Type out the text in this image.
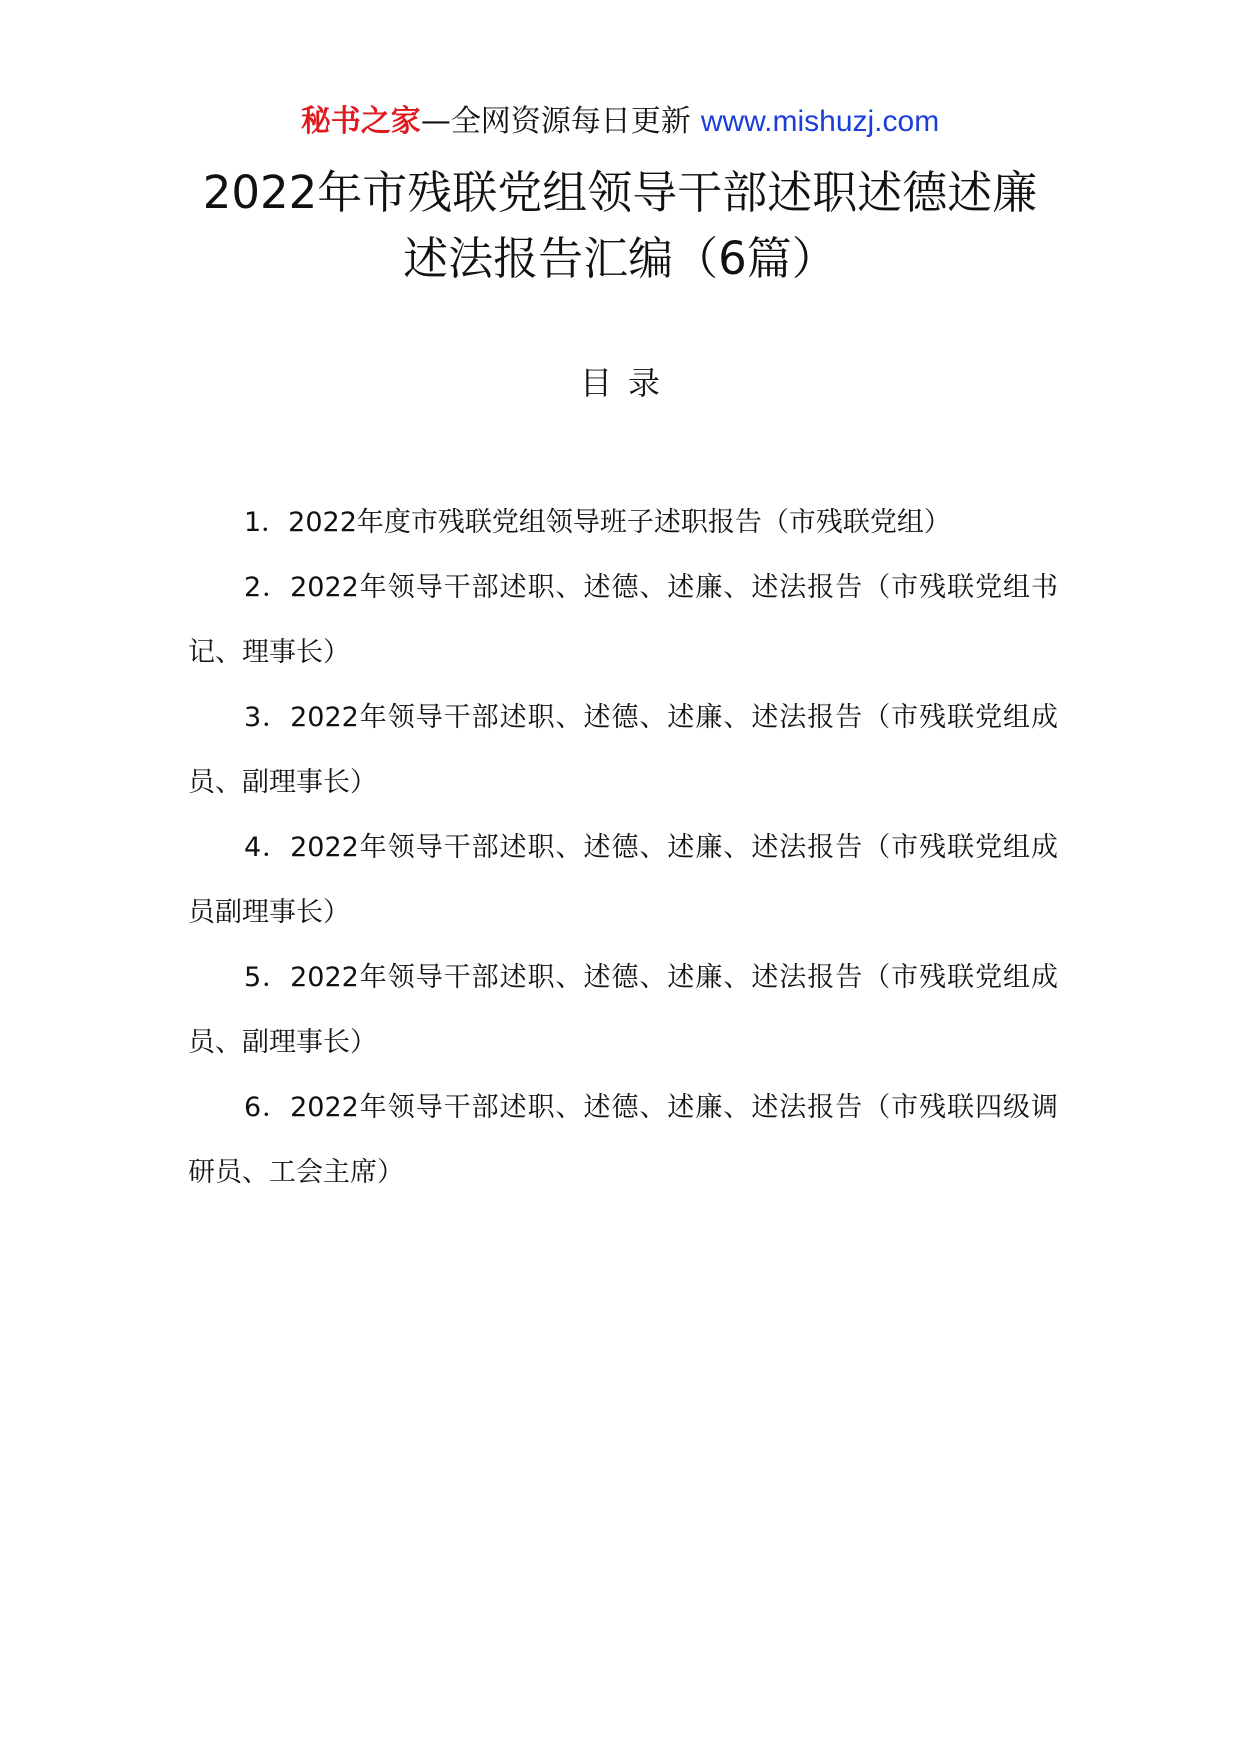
秘书之家—全网资源每日更新 www.mishuzj.com
2022年市残联党组领导干部述职述德述廉
述法报告汇编（6篇）
目录
1．2022年度市残联党组领导班子述职报告（市残联党组）
2．2022年领导干部述职、述德、述廉、述法报告（市残联党组书记、理事长）
3．2022年领导干部述职、述德、述廉、述法报告（市残联党组成员、副理事长）
4．2022年领导干部述职、述德、述廉、述法报告（市残联党组成员副理事长）
5．2022年领导干部述职、述德、述廉、述法报告（市残联党组成员、副理事长）
6．2022年领导干部述职、述德、述廉、述法报告（市残联四级调研员、工会主席）
